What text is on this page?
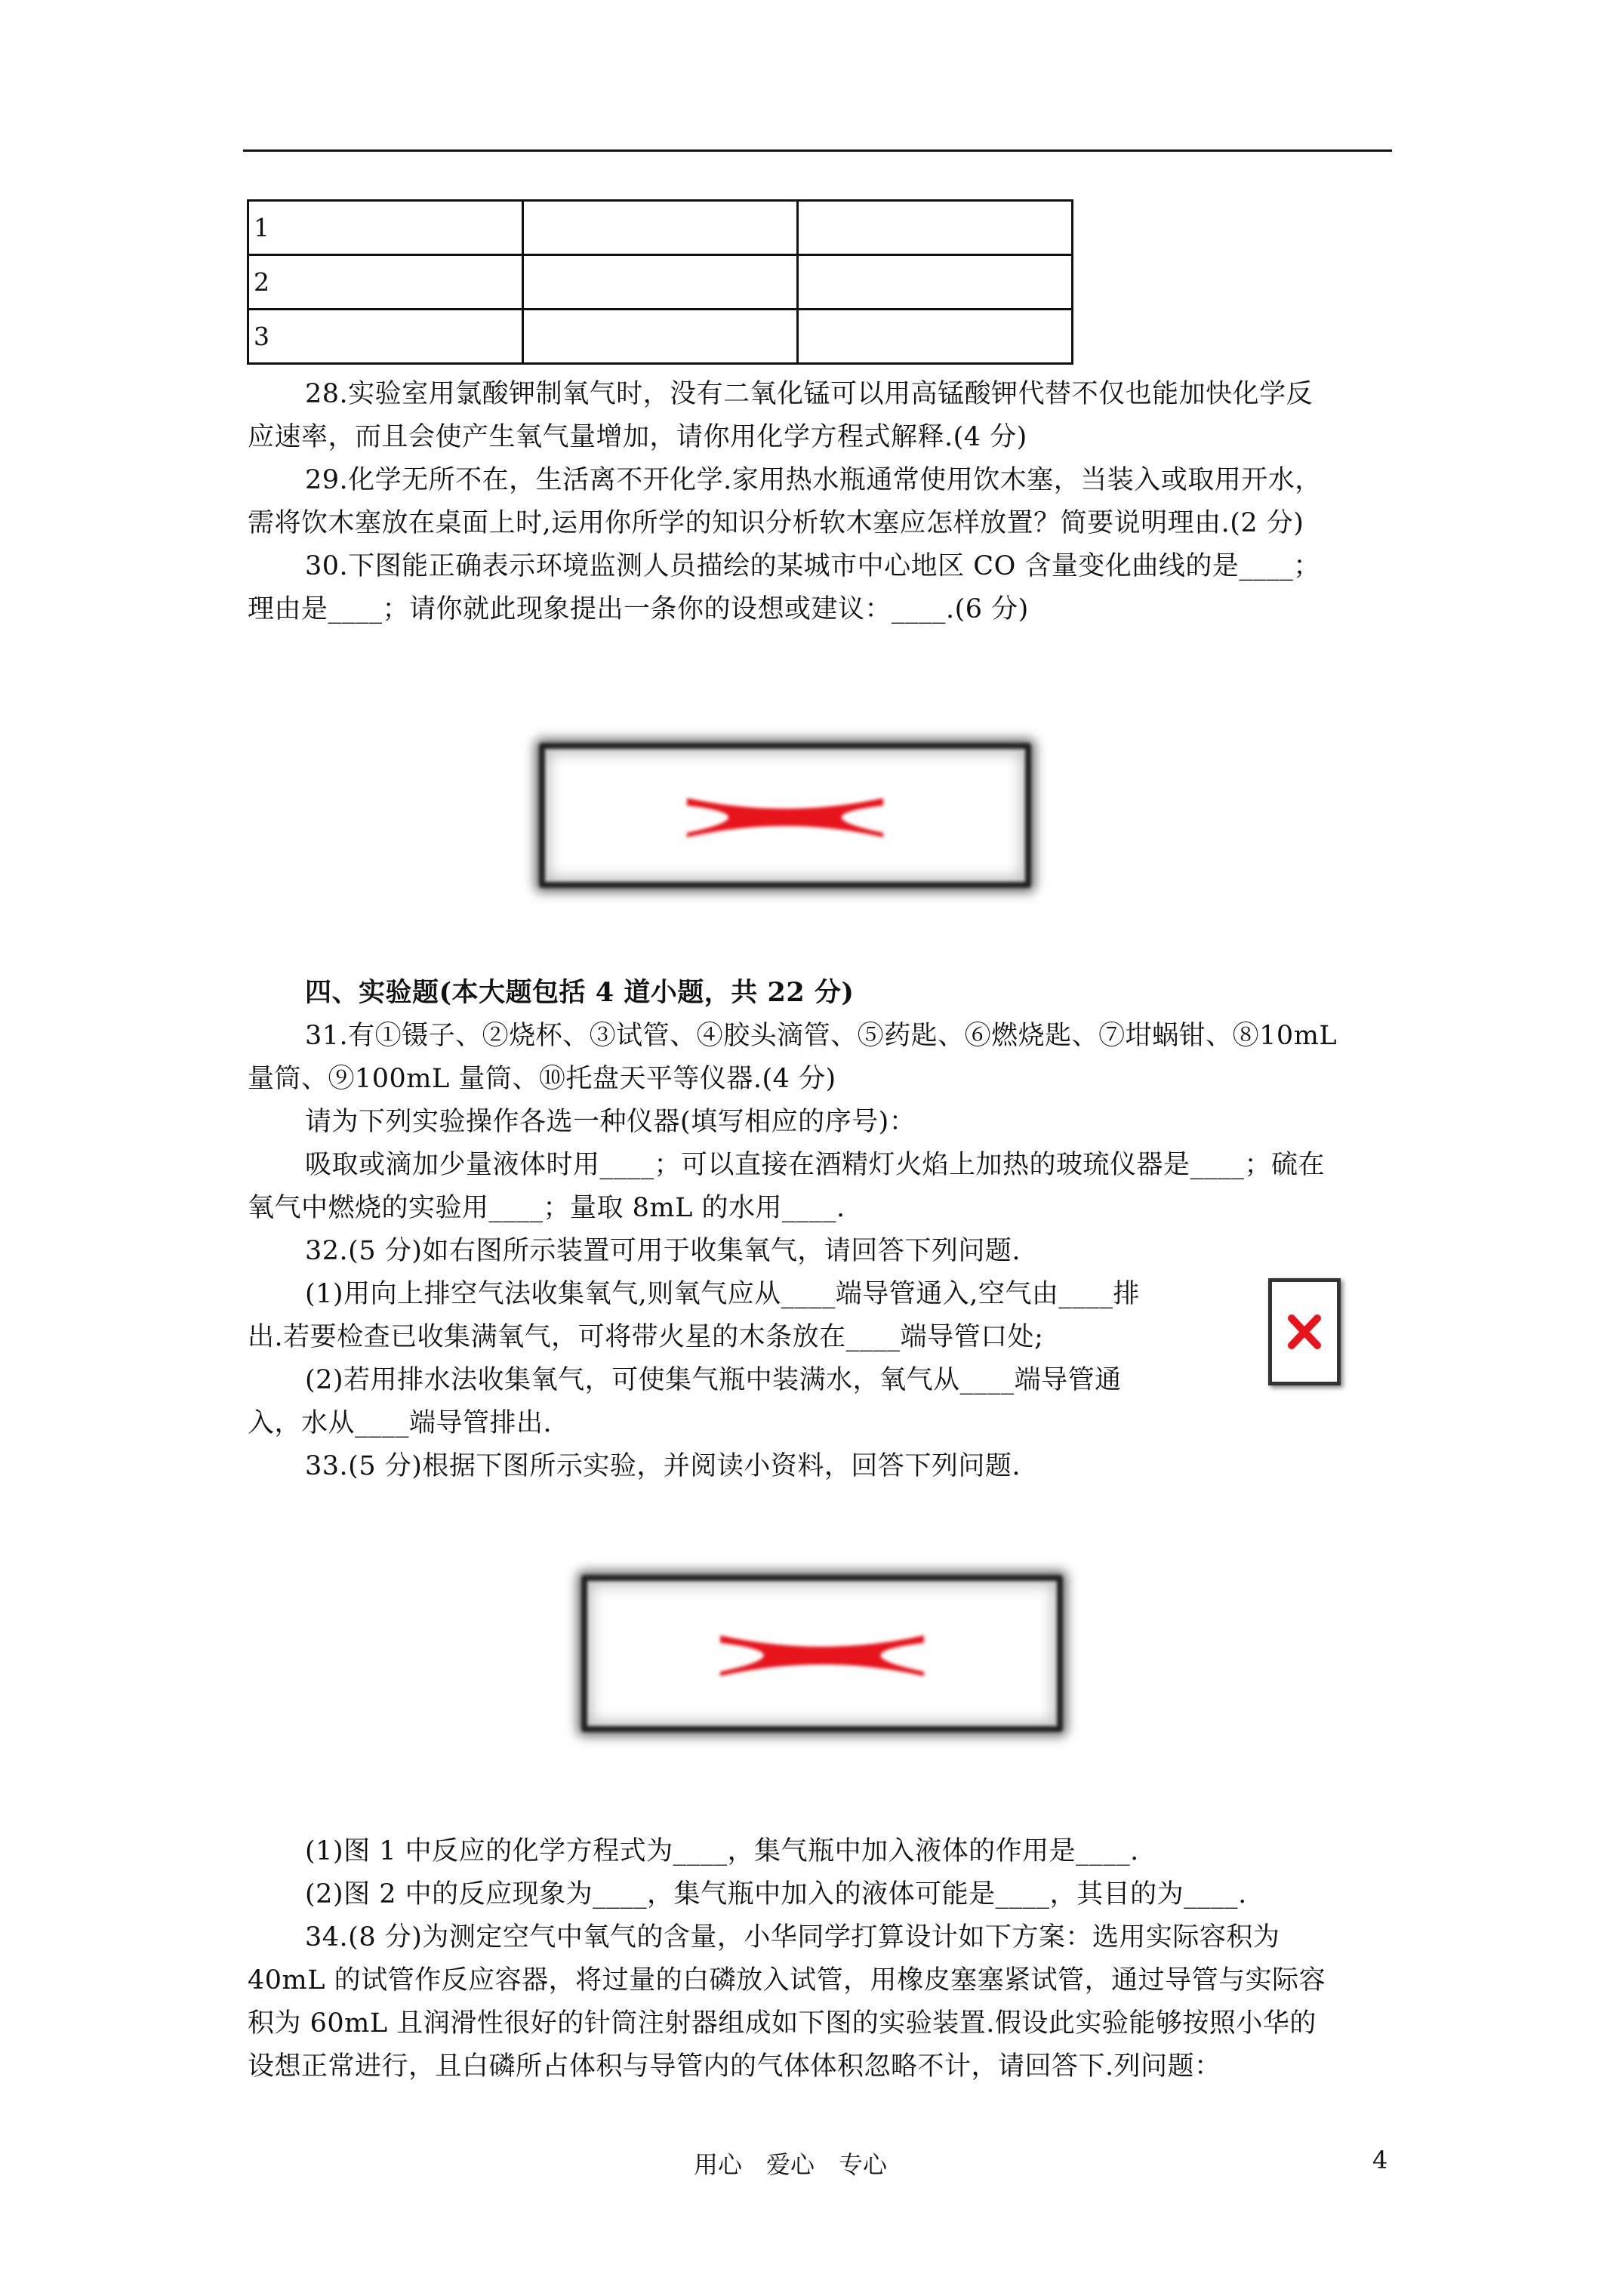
1		
2		
3		
28.实验室用氯酸钾制氧气时，没有二氧化锰可以用高锰酸钾代替不仅也能加快化学反
应速率，而且会使产生氧气量增加，请你用化学方程式解释.(4 分)
29.化学无所不在，生活离不开化学.家用热水瓶通常使用饮木塞，当装入或取用开水，
需将饮木塞放在桌面上时,运用你所学的知识分析软木塞应怎样放置？简要说明理由.(2 分)
30.下图能正确表示环境监测人员描绘的某城市中心地区 CO 含量变化曲线的是____；
理由是____；请你就此现象提出一条你的设想或建议：____.(6 分)
四、实验题(本大题包括 4 道小题，共 22 分)
31.有①镊子、②烧杯、③试管、④胶头滴管、⑤药匙、⑥燃烧匙、⑦坩蜗钳、⑧10mL
量筒、⑨100mL 量筒、⑩托盘天平等仪器.(4 分)
请为下列实验操作各选一种仪器(填写相应的序号)：
吸取或滴加少量液体时用____；可以直接在酒精灯火焰上加热的玻琉仪器是____；硫在
氧气中燃烧的实验用____；量取 8mL 的水用____.
32.(5 分)如右图所示装置可用于收集氧气，请回答下列问题.
(1)用向上排空气法收集氧气,则氧气应从____端导管通入,空气由____排
出.若要检查已收集满氧气，可将带火星的木条放在____端导管口处;
(2)若用排水法收集氧气，可使集气瓶中装满水，氧气从____端导管通
入，水从____端导管排出.
33.(5 分)根据下图所示实验，并阅读小资料，回答下列问题.
(1)图 1 中反应的化学方程式为____，集气瓶中加入液体的作用是____.
(2)图 2 中的反应现象为____，集气瓶中加入的液体可能是____，其目的为____.
34.(8 分)为测定空气中氧气的含量，小华同学打算设计如下方案：选用实际容积为
40mL 的试管作反应容器，将过量的白磷放入试管，用橡皮塞塞紧试管，通过导管与实际容
积为 60mL 且润滑性很好的针筒注射器组成如下图的实验装置.假设此实验能够按照小华的
设想正常进行，且白磷所占体积与导管内的气体体积忽略不计，请回答下.列问题：
用心　爱心　专心	4
